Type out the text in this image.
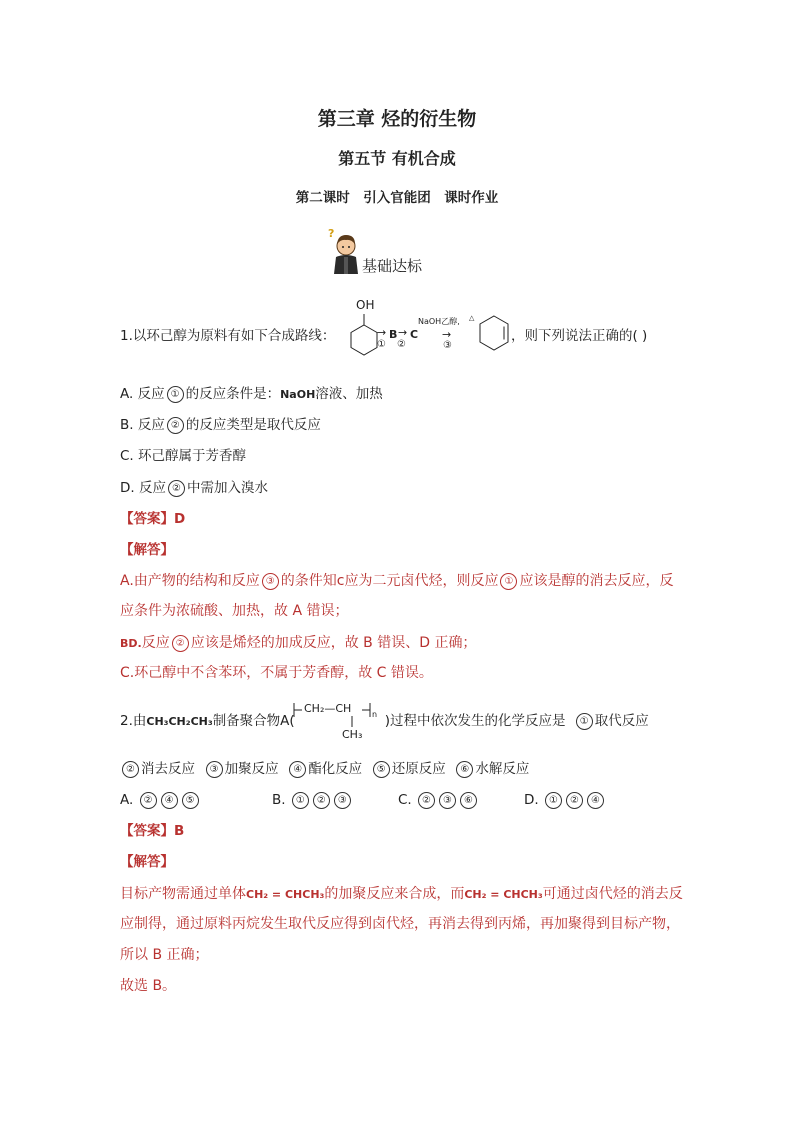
第三章 烃的衍生物
第五节 有机合成
第二课时　引入官能团　课时作业
?
基础达标
1.以环己醇为原料有如下合成路线：
OH
→ B → C
① ②
NaOH乙醇, △
→
③
，则下列说法正确的( )
A. 反应 ① 的反应条件是：NaOH溶液、加热
B. 反应 ② 的反应类型是取代反应
C. 环己醇属于芳香醇
D. 反应 ② 中需加入溴水
【答案】D
【解答】
A.由产物的结构和反应 ③ 的条件知c应为二元卤代烃，则反应 ① 应该是醇的消去反应，反
应条件为浓硫酸、加热，故 A 错误；
BD.反应 ② 应该是烯烃的加成反应，故 B 错误、D 正确；
C.环己醇中不含苯环，不属于芳香醇，故 C 错误。
2.由CH₃CH₂CH₃制备聚合物A(	)过程中依次发生的化学反应是 ① 取代反应
CH₂—CH	n
CH₃
② 消去反应 ③ 加聚反应 ④ 酯化反应 ⑤ 还原反应 ⑥ 水解反应
A. ② ④ ⑤	B. ① ② ③	C. ② ③ ⑥	D. ① ② ④
【答案】B
【解答】
目标产物需通过单体CH₂ = CHCH₃的加聚反应来合成，而CH₂ = CHCH₃可通过卤代烃的消去反
应制得，通过原料丙烷发生取代反应得到卤代烃，再消去得到丙烯，再加聚得到目标产物，
所以 B 正确；
故选 B。
